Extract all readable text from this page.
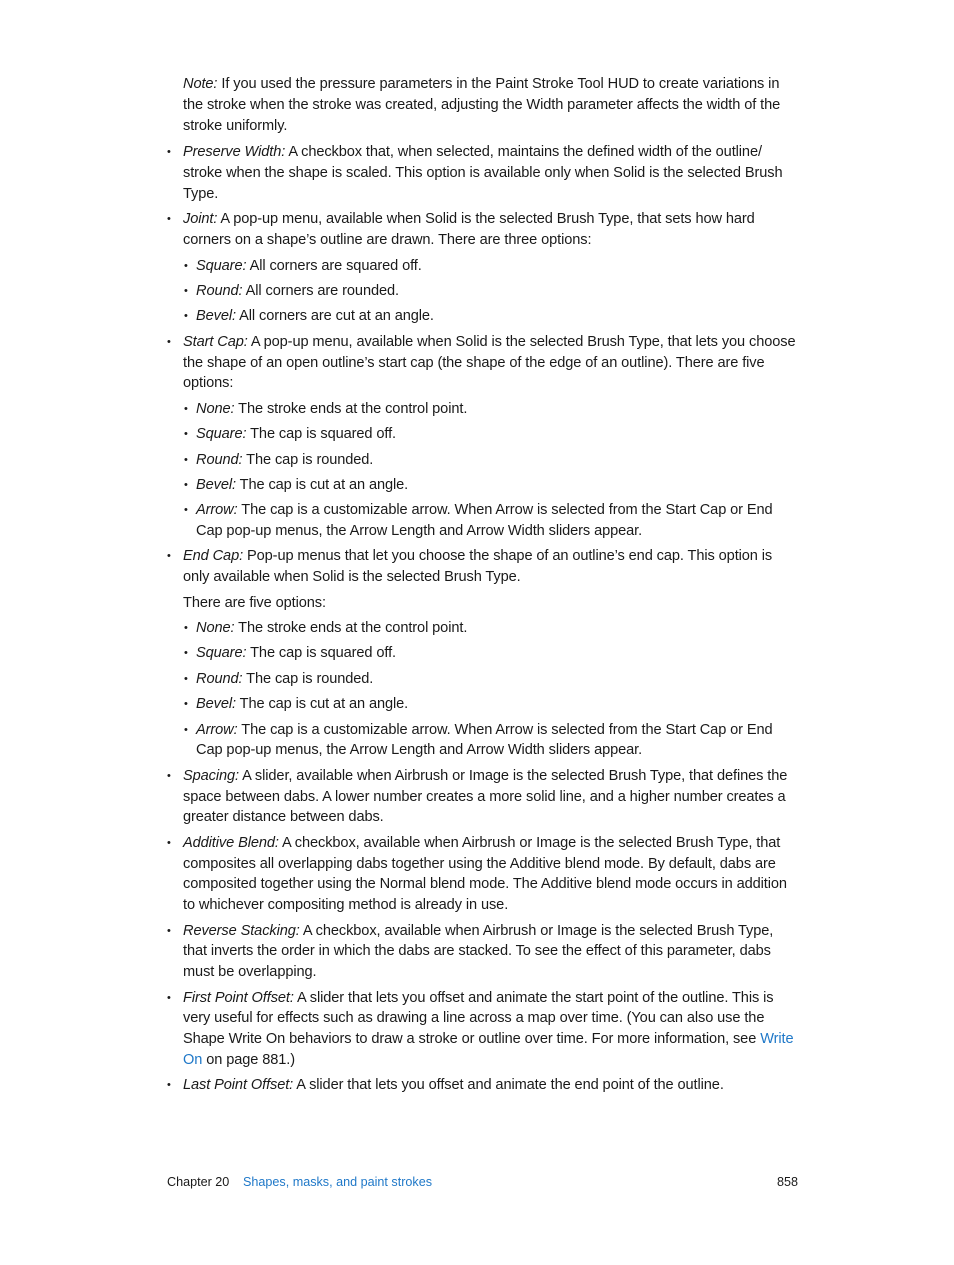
Note: If you used the pressure parameters in the Paint Stroke Tool HUD to create variations in the stroke when the stroke was created, adjusting the Width parameter affects the width of the stroke uniformly.

• Preserve Width: A checkbox that, when selected, maintains the defined width of the outline/ stroke when the shape is scaled. This option is available only when Solid is the selected Brush Type.
• Joint: A pop-up menu, available when Solid is the selected Brush Type, that sets how hard corners on a shape’s outline are drawn. There are three options:
• Square: All corners are squared off.
• Round: All corners are rounded.
• Bevel: All corners are cut at an angle.
• Start Cap: A pop-up menu, available when Solid is the selected Brush Type, that lets you choose the shape of an open outline’s start cap (the shape of the edge of an outline). There are five options:
• None: The stroke ends at the control point.
• Square: The cap is squared off.
• Round: The cap is rounded.
• Bevel: The cap is cut at an angle.
• Arrow: The cap is a customizable arrow. When Arrow is selected from the Start Cap or End Cap pop-up menus, the Arrow Length and Arrow Width sliders appear.
• End Cap: Pop-up menus that let you choose the shape of an outline’s end cap. This option is only available when Solid is the selected Brush Type.
There are five options:
• None: The stroke ends at the control point.
• Square: The cap is squared off.
• Round: The cap is rounded.
• Bevel: The cap is cut at an angle.
• Arrow: The cap is a customizable arrow. When Arrow is selected from the Start Cap or End Cap pop-up menus, the Arrow Length and Arrow Width sliders appear.
• Spacing: A slider, available when Airbrush or Image is the selected Brush Type, that defines the space between dabs. A lower number creates a more solid line, and a higher number creates a greater distance between dabs.
• Additive Blend: A checkbox, available when Airbrush or Image is the selected Brush Type, that composites all overlapping dabs together using the Additive blend mode. By default, dabs are composited together using the Normal blend mode. The Additive blend mode occurs in addition to whichever compositing method is already in use.
• Reverse Stacking: A checkbox, available when Airbrush or Image is the selected Brush Type, that inverts the order in which the dabs are stacked. To see the effect of this parameter, dabs must be overlapping.
• First Point Offset: A slider that lets you offset and animate the start point of the outline. This is very useful for effects such as drawing a line across a map over time. (You can also use the Shape Write On behaviors to draw a stroke or outline over time. For more information, see Write On on page 881.)
• Last Point Offset: A slider that lets you offset and animate the end point of the outline.
Chapter 20 Shapes, masks, and paint strokes	858
